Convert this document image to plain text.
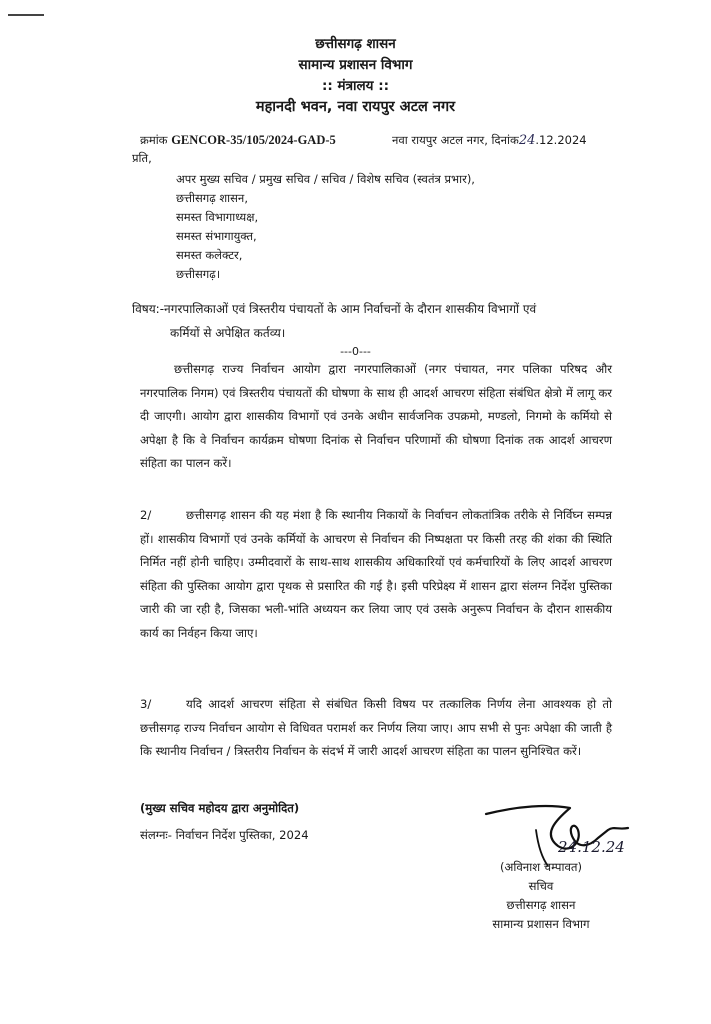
छत्तीसगढ़ शासन
सामान्य प्रशासन विभाग
:: मंत्रालय ::
महानदी भवन, नवा रायपुर अटल नगर
क्रमांक GENCOR-35/105/2024-GAD-5	नवा रायपुर अटल नगर, दिनांक24.12.2024
प्रति,
अपर मुख्य सचिव / प्रमुख सचिव / सचिव / विशेष सचिव (स्वतंत्र प्रभार),
छत्तीसगढ़ शासन,
समस्त विभागाध्यक्ष,
समस्त संभागायुक्त,
समस्त कलेक्टर,
छत्तीसगढ़।
विषय:-नगरपालिकाओं एवं त्रिस्तरीय पंचायतों के आम निर्वाचनों के दौरान शासकीय विभागों एवं
कर्मियों से अपेक्षित कर्तव्य।
---0---
छत्तीसगढ़ राज्य निर्वाचन आयोग द्वारा नगरपालिकाओं (नगर पंचायत, नगर पलिका परिषद और नगरपालिक निगम) एवं त्रिस्तरीय पंचायतों की घोषणा के साथ ही आदर्श आचरण संहिता संबंधित क्षेत्रो में लागू कर दी जाएगी। आयोग द्वारा शासकीय विभागों एवं उनके अधीन सार्वजनिक उपक्रमो, मण्डलो, निगमो के कर्मियो से अपेक्षा है कि वे निर्वाचन कार्यक्रम घोषणा दिनांक से निर्वाचन परिणामों की घोषणा दिनांक तक आदर्श आचरण संहिता का पालन करें।
2/	छत्तीसगढ़ शासन की यह मंशा है कि स्थानीय निकायों के निर्वाचन लोकतांत्रिक तरीके से निर्विघ्न सम्पन्न हों। शासकीय विभागों एवं उनके कर्मियों के आचरण से निर्वाचन की निष्पक्षता पर किसी तरह की शंका की स्थिति निर्मित नहीं होनी चाहिए। उम्मीदवारों के साथ-साथ शासकीय अधिकारियों एवं कर्मचारियों के लिए आदर्श आचरण संहिता की पुस्तिका आयोग द्वारा पृथक से प्रसारित की गई है। इसी परिप्रेक्ष्य में शासन द्वारा संलग्न निर्देश पुस्तिका जारी की जा रही है, जिसका भली-भांति अध्ययन कर लिया जाए एवं उसके अनुरूप निर्वाचन के दौरान शासकीय कार्य का निर्वहन किया जाए।
3/	यदि आदर्श आचरण संहिता से संबंधित किसी विषय पर तत्कालिक निर्णय लेना आवश्यक हो तो छत्तीसगढ़ राज्य निर्वाचन आयोग से विधिवत परामर्श कर निर्णय लिया जाए। आप सभी से पुनः अपेक्षा की जाती है कि स्थानीय निर्वाचन / त्रिस्तरीय निर्वाचन के संदर्भ में जारी आदर्श आचरण संहिता का पालन सुनिश्चित करें।
(मुख्य सचिव महोदय द्वारा अनुमोदित)
संलग्नः- निर्वाचन निर्देश पुस्तिका, 2024
24.12.24
(अविनाश चम्पावत)
सचिव
छत्तीसगढ़ शासन
सामान्य प्रशासन विभाग
